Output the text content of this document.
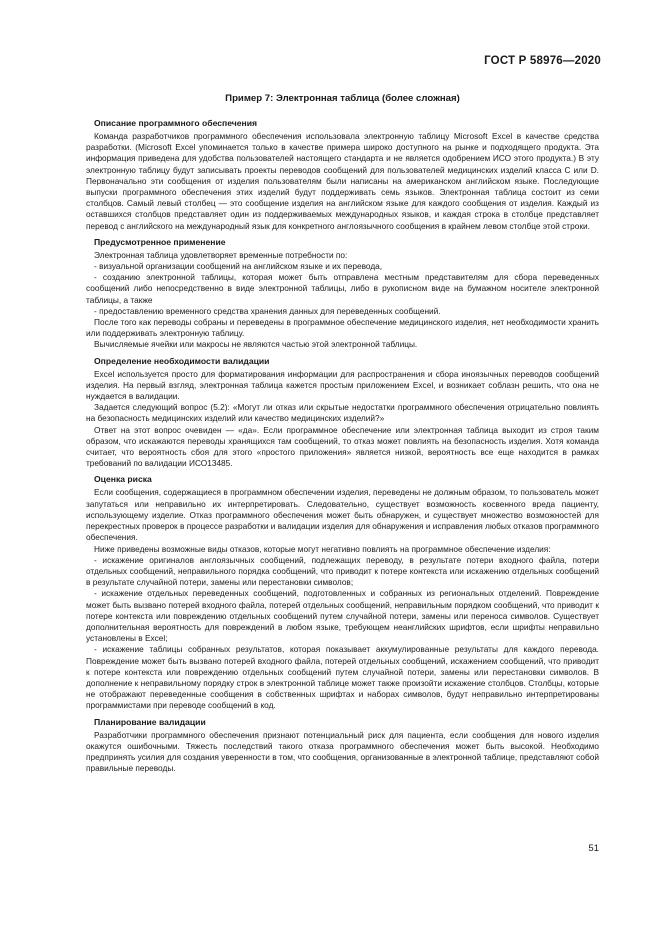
ГОСТ Р 58976—2020
Пример 7: Электронная таблица (более сложная)
Описание программного обеспечения

Команда разработчиков программного обеспечения использовала электронную таблицу Microsoft Excel в качестве средства разработки. (Microsoft Excel упоминается только в качестве примера широко доступного на рынке и подходящего продукта. Эта информация приведена для удобства пользователей настоящего стандарта и не является одобрением ИСО этого продукта.) В эту электронную таблицу будут записывать проекты переводов сообщений для пользователей медицинских изделий класса С или D. Первоначально эти сообщения от изделия пользователям были написаны на американском английском языке. Последующие выпуски программного обеспечения этих изделий будут поддерживать семь языков. Электронная таблица состоит из семи столбцов. Самый левый столбец — это сообщение изделия на английском языке для каждого сообщения от изделия. Каждый из оставшихся столбцов представляет один из поддерживаемых международных языков, и каждая строка в столбце представляет перевод с английского на международный язык для конкретного англоязычного сообщения в крайнем левом столбце этой строки.

Предусмотренное применение

Электронная таблица удовлетворяет временные потребности по:

- визуальной организации сообщений на английском языке и их перевода,

- созданию электронной таблицы, которая может быть отправлена местным представителям для сбора переведенных сообщений либо непосредственно в виде электронной таблицы, либо в рукописном виде на бумажном носителе электронной таблицы, а также

- предоставлению временного средства хранения данных для переведенных сообщений.

После того как переводы собраны и переведены в программное обеспечение медицинского изделия, нет необходимости хранить или поддерживать электронную таблицу.

Вычисляемые ячейки или макросы не являются частью этой электронной таблицы.

Определение необходимости валидации

Excel используется просто для форматирования информации для распространения и сбора иноязычных переводов сообщений изделия. На первый взгляд, электронная таблица кажется простым приложением Excel, и возникает соблазн решить, что она не нуждается в валидации.

Задается следующий вопрос (5.2): «Могут ли отказ или скрытые недостатки программного обеспечения отрицательно повлиять на безопасность медицинских изделий или качество медицинских изделий?»

Ответ на этот вопрос очевиден — «да». Если программное обеспечение или электронная таблица выходит из строя таким образом, что искажаются переводы хранящихся там сообщений, то отказ может повлиять на безопасность изделия. Хотя команда считает, что вероятность сбоя для этого «простого приложения» является низкой, вероятность все еще находится в рамках требований по валидации ИСО13485.

Оценка риска

Если сообщения, содержащиеся в программном обеспечении изделия, переведены не должным образом, то пользователь может запутаться или неправильно их интерпретировать. Следовательно, существует возможность косвенного вреда пациенту, использующему изделие. Отказ программного обеспечения может быть обнаружен, и существует множество возможностей для перекрестных проверок в процессе разработки и валидации изделия для обнаружения и исправления любых отказов программного обеспечения.

Ниже приведены возможные виды отказов, которые могут негативно повлиять на программное обеспечение изделия:

- искажение оригиналов англоязычных сообщений, подлежащих переводу, в результате потери входного файла, потери отдельных сообщений, неправильного порядка сообщений, что приводит к потере контекста или искажению отдельных сообщений в результате случайной потери, замены или перестановки символов;

- искажение отдельных переведенных сообщений, подготовленных и собранных из региональных отделений. Повреждение может быть вызвано потерей входного файла, потерей отдельных сообщений, неправильным порядком сообщений, что приводит к потере контекста или повреждению отдельных сообщений путем случайной потери, замены или переноса символов. Существует дополнительная вероятность для повреждений в любом языке, требующем неанглийских шрифтов, если шрифты неправильно установлены в Excel;

- искажение таблицы собранных результатов, которая показывает аккумулированные результаты для каждого перевода. Повреждение может быть вызвано потерей входного файла, потерей отдельных сообщений, искажением сообщений, что приводит к потере контекста или повреждению отдельных сообщений путем случайной потери, замены или перестановки символов. В дополнение к неправильному порядку строк в электронной таблице может также произойти искажение столбцов. Столбцы, которые не отображают переведенные сообщения в собственных шрифтах и наборах символов, будут неправильно интерпретированы программистами при переводе сообщений в код.

Планирование валидации

Разработчики программного обеспечения признают потенциальный риск для пациента, если сообщения для нового изделия окажутся ошибочными. Тяжесть последствий такого отказа программного обеспечения может быть высокой. Необходимо предпринять усилия для создания уверенности в том, что сообщения, организованные в электронной таблице, представляют собой правильные переводы.

51
